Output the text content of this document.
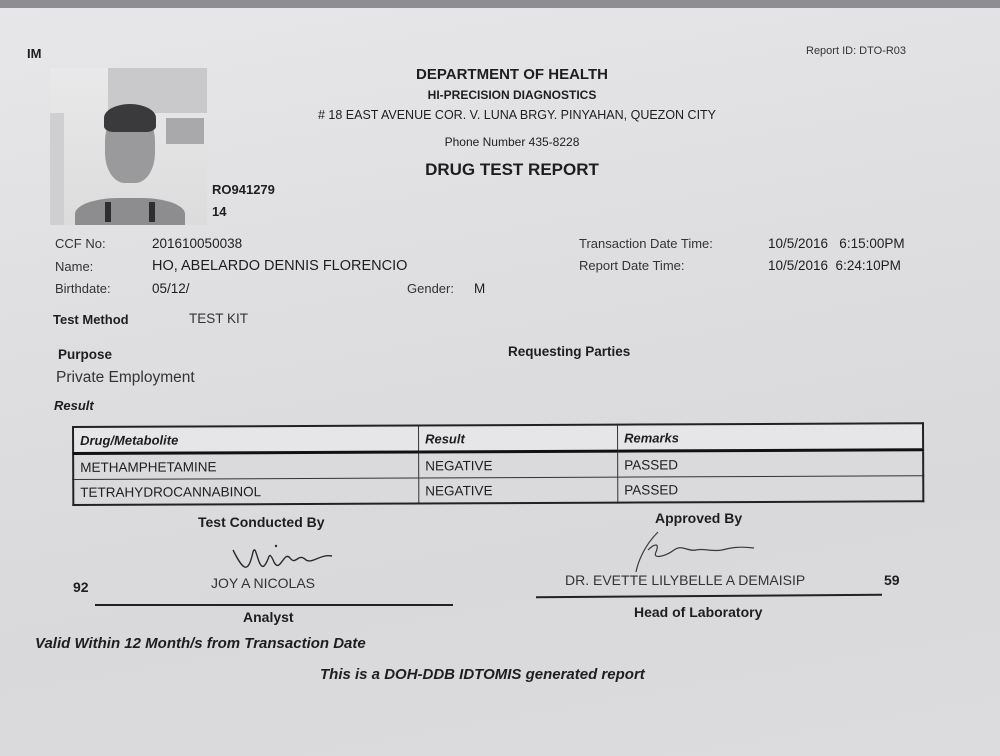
IM	Report ID: DTO-R03
DEPARTMENT OF HEALTH
HI-PRECISION DIAGNOSTICS
# 18 EAST AVENUE COR. V. LUNA BRGY. PINYAHAN, QUEZON CITY
Phone Number 435-8228
DRUG TEST REPORT
RO941279
14
CCF No:	201610050038
Name:	HO, ABELARDO DENNIS FLORENCIO
Birthdate:	05/12/	Gender: M
Transaction Date Time:	10/5/2016   6:15:00PM
Report Date Time:	10/5/2016  6:24:10PM
Test Method	TEST KIT
Purpose
Private Employment
Requesting Parties
Result
Drug/Metabolite	Result	Remarks
METHAMPHETAMINE	NEGATIVE	PASSED
TETRAHYDROCANNABINOL	NEGATIVE	PASSED
Test Conducted By
92	JOY A NICOLAS
Analyst
Approved By
DR. EVETTE LILYBELLE A DEMAISIP	59
Head of Laboratory
Valid Within 12 Month/s from Transaction Date
This is a DOH-DDB IDTOMIS generated report
